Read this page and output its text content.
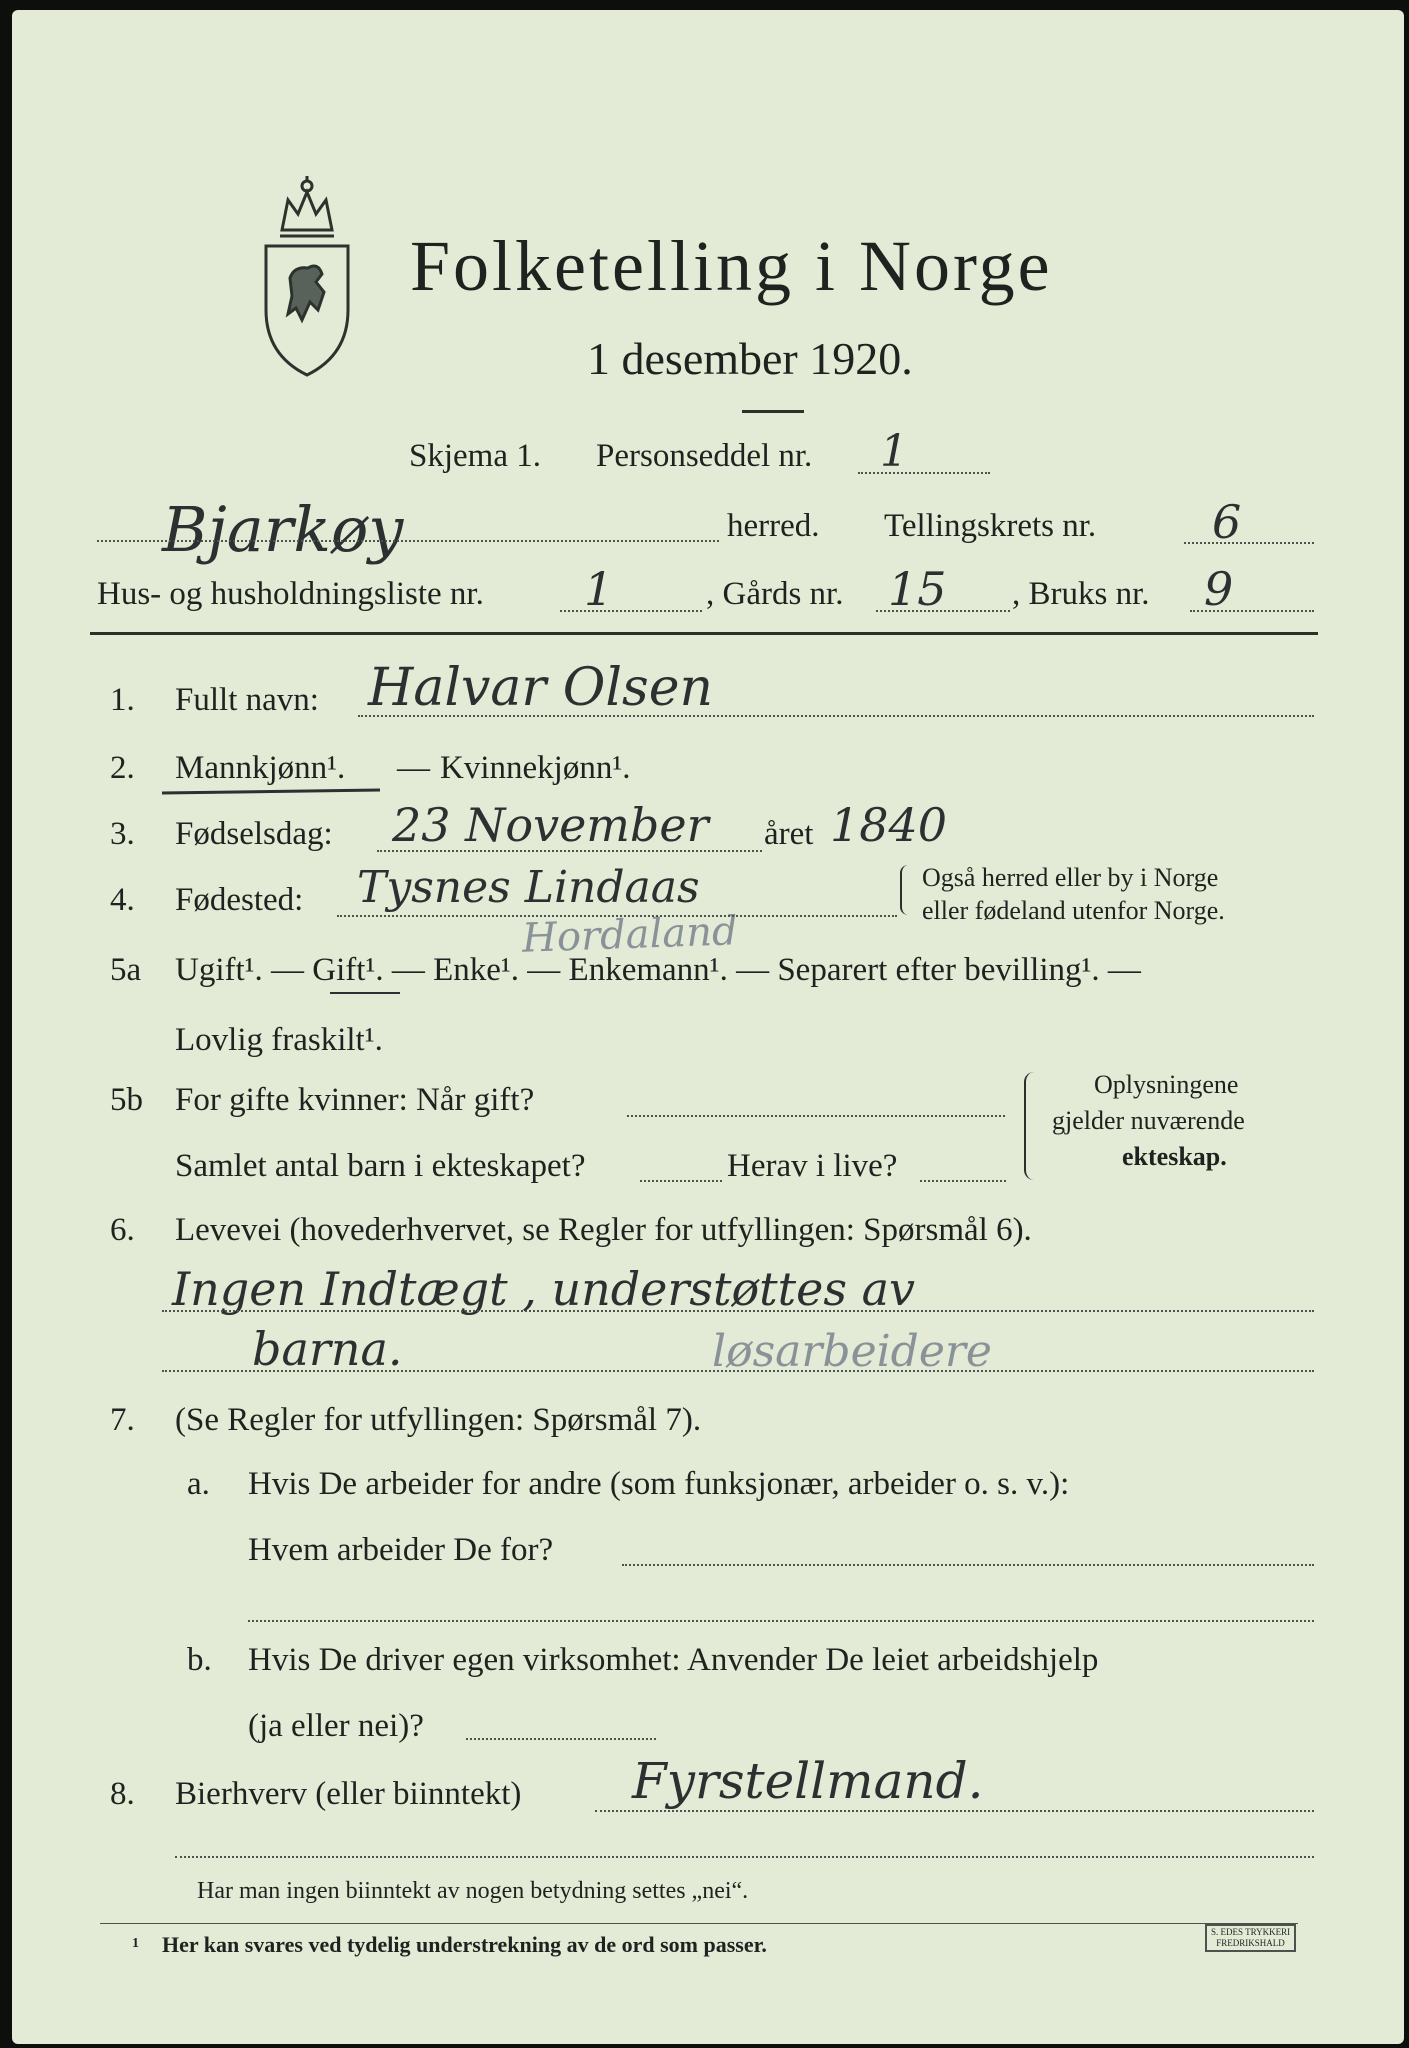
Folketelling i Norge
1 desember 1920.
Skjema 1. Personseddel nr. 1
Bjarkøy	herred. Tellingskrets nr.	6
Hus- og husholdningsliste nr. 1	, Gårds nr. 15 , Bruks nr. 9
1. Fullt navn: Halvar Olsen
2. Mannkjønn¹. — Kvinnekjønn¹.
3. Fødselsdag: 23 November året 1840
4. Fødested: Tysnes Lindaas
Hordaland
Også herred eller by i Norge
eller fødeland utenfor Norge.
5a Ugift¹. — Gift¹. — Enke¹. — Enkemann¹. — Separert efter bevilling¹. —
Lovlig fraskilt¹.
5b For gifte kvinner: Når gift?
Samlet antal barn i ekteskapet?	Herav i live?
Oplysningene
gjelder nuværende
ekteskap.
6. Levevei (hovederhvervet, se Regler for utfyllingen: Spørsmål 6).
Ingen Indtægt , understøttes av
barna.	løsarbeidere
7. (Se Regler for utfyllingen: Spørsmål 7).
a. Hvis De arbeider for andre (som funksjonær, arbeider o. s. v.):
Hvem arbeider De for?
b. Hvis De driver egen virksomhet: Anvender De leiet arbeidshjelp
(ja eller nei)?
8. Bierhverv (eller biinntekt) Fyrstellmand.
Har man ingen biinntekt av nogen betydning settes „nei“.
1 Her kan svares ved tydelig understrekning av de ord som passer.	S. EDES TRYKKERI
FREDRIKSHALD
